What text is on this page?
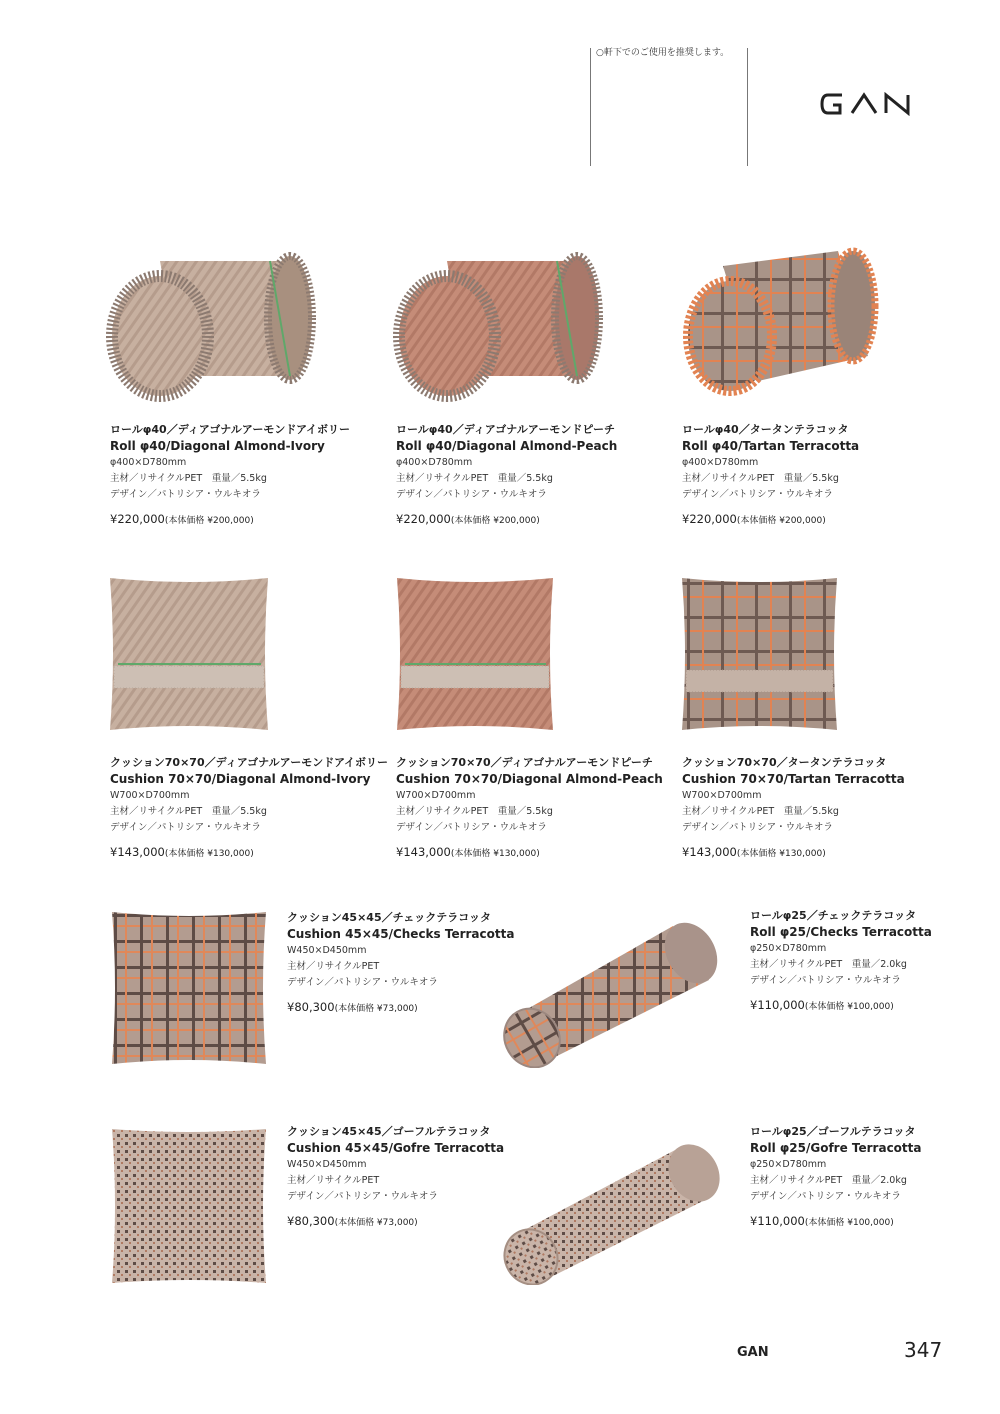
○軒下でのご使用を推奨します。
ロールφ40／ディアゴナルアーモンドアイボリー
Roll φ40/Diagonal Almond-Ivory
φ400×D780mm
主材／リサイクルPET　重量／5.5kg
デザイン／パトリシア・ウルキオラ
¥220,000(本体価格 ¥200,000)
ロールφ40／ディアゴナルアーモンドピーチ
Roll φ40/Diagonal Almond-Peach
φ400×D780mm
主材／リサイクルPET　重量／5.5kg
デザイン／パトリシア・ウルキオラ
¥220,000(本体価格 ¥200,000)
ロールφ40／タータンテラコッタ
Roll φ40/Tartan Terracotta
φ400×D780mm
主材／リサイクルPET　重量／5.5kg
デザイン／パトリシア・ウルキオラ
¥220,000(本体価格 ¥200,000)
クッション70×70／ディアゴナルアーモンドアイボリー
Cushion 70×70/Diagonal Almond-Ivory
W700×D700mm
主材／リサイクルPET　重量／5.5kg
デザイン／パトリシア・ウルキオラ
¥143,000(本体価格 ¥130,000)
クッション70×70／ディアゴナルアーモンドピーチ
Cushion 70×70/Diagonal Almond-Peach
W700×D700mm
主材／リサイクルPET　重量／5.5kg
デザイン／パトリシア・ウルキオラ
¥143,000(本体価格 ¥130,000)
クッション70×70／タータンテラコッタ
Cushion 70×70/Tartan Terracotta
W700×D700mm
主材／リサイクルPET　重量／5.5kg
デザイン／パトリシア・ウルキオラ
¥143,000(本体価格 ¥130,000)
クッション45×45／チェックテラコッタ
Cushion 45×45/Checks Terracotta
W450×D450mm
主材／リサイクルPET
デザイン／パトリシア・ウルキオラ
¥80,300(本体価格 ¥73,000)
ロールφ25／チェックテラコッタ
Roll φ25/Checks Terracotta
φ250×D780mm
主材／リサイクルPET　重量／2.0kg
デザイン／パトリシア・ウルキオラ
¥110,000(本体価格 ¥100,000)
クッション45×45／ゴーフルテラコッタ
Cushion 45×45/Gofre Terracotta
W450×D450mm
主材／リサイクルPET
デザイン／パトリシア・ウルキオラ
¥80,300(本体価格 ¥73,000)
ロールφ25／ゴーフルテラコッタ
Roll φ25/Gofre Terracotta
φ250×D780mm
主材／リサイクルPET　重量／2.0kg
デザイン／パトリシア・ウルキオラ
¥110,000(本体価格 ¥100,000)
GAN	347
